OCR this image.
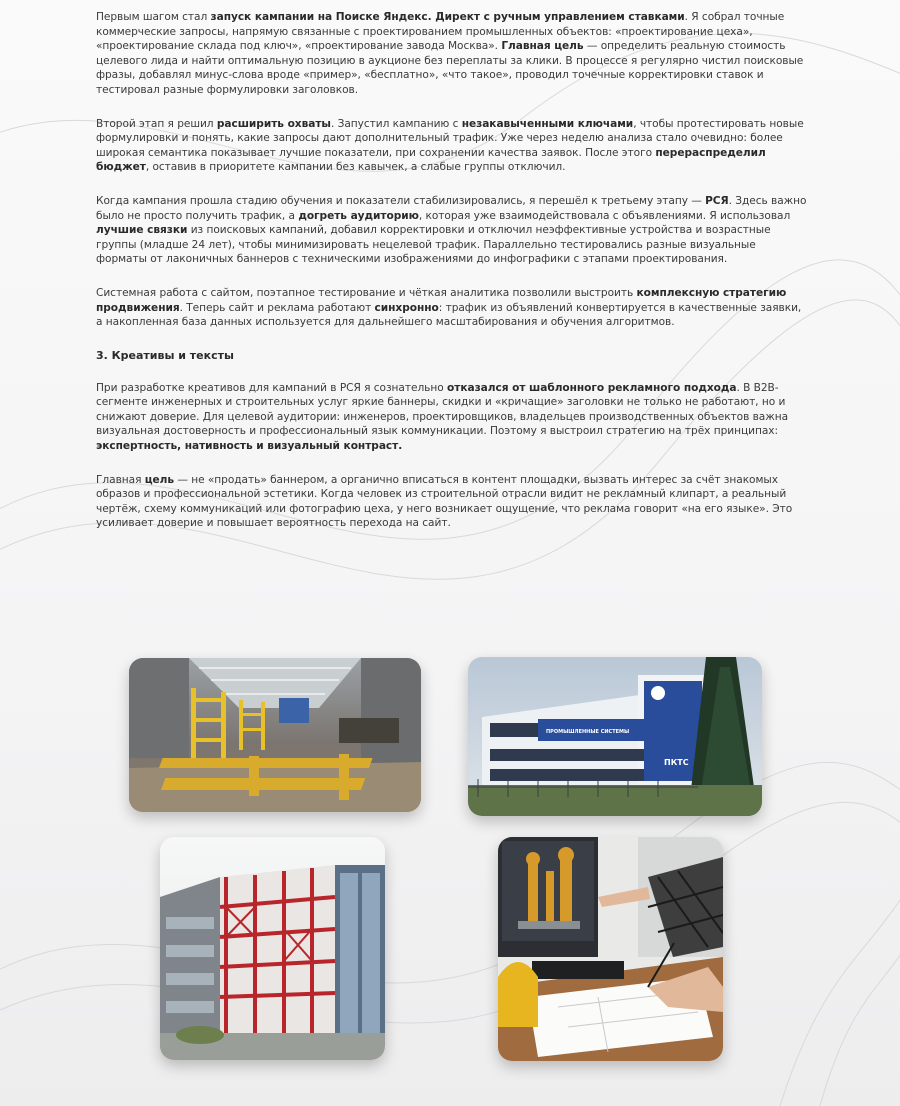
Первым шагом стал запуск кампании на Поиске Яндекс. Директ с ручным управлением ставками. Я собрал точные коммерческие запросы, напрямую связанные с проектированием промышленных объектов: «проектирование цеха», «проектирование склада под ключ», «проектирование завода Москва». Главная цель — определить реальную стоимость целевого лида и найти оптимальную позицию в аукционе без переплаты за клики. В процессе я регулярно чистил поисковые фразы, добавлял минус-слова вроде «пример», «бесплатно», «что такое», проводил точечные корректировки ставок и тестировал разные формулировки заголовков.

Второй этап я решил расширить охваты. Запустил кампанию с незакавыченными ключами, чтобы протестировать новые формулировки и понять, какие запросы дают дополнительный трафик. Уже через неделю анализа стало очевидно: более широкая семантика показывает лучшие показатели, при сохранении качества заявок. После этого перераспределил бюджет, оставив в приоритете кампании без кавычек, а слабые группы отключил.

Когда кампания прошла стадию обучения и показатели стабилизировались, я перешёл к третьему этапу — РСЯ. Здесь важно было не просто получить трафик, а догреть аудиторию, которая уже взаимодействовала с объявлениями. Я использовал лучшие связки из поисковых кампаний, добавил корректировки и отключил неэффективные устройства и возрастные группы (младше 24 лет), чтобы минимизировать нецелевой трафик. Параллельно тестировались разные визуальные форматы от лаконичных баннеров с техническими изображениями до инфографики с этапами проектирования.

Системная работа с сайтом, поэтапное тестирование и чёткая аналитика позволили выстроить комплексную стратегию продвижения. Теперь сайт и реклама работают синхронно: трафик из объявлений конвертируется в качественные заявки, а накопленная база данных используется для дальнейшего масштабирования и обучения алгоритмов.

3. Креативы и тексты

При разработке креативов для кампаний в РСЯ я сознательно отказался от шаблонного рекламного подхода. В B2B-сегменте инженерных и строительных услуг яркие баннеры, скидки и «кричащие» заголовки не только не работают, но и снижают доверие. Для целевой аудитории: инженеров, проектировщиков, владельцев производственных объектов важна визуальная достоверность и профессиональный язык коммуникации. Поэтому я выстроил стратегию на трёх принципах: экспертность, нативность и визуальный контраст.

Главная цель — не «продать» баннером, а органично вписаться в контент площадки, вызвать интерес за счёт знакомых образов и профессиональной эстетики. Когда человек из строительной отрасли видит не рекламный клипарт, а реальный чертёж, схему коммуникаций или фотографию цеха, у него возникает ощущение, что реклама говорит «на его языке». Это усиливает доверие и повышает вероятность перехода на сайт.

ПКТС
ПРОМЫШЛЕННЫЕ СИСТЕМЫ
